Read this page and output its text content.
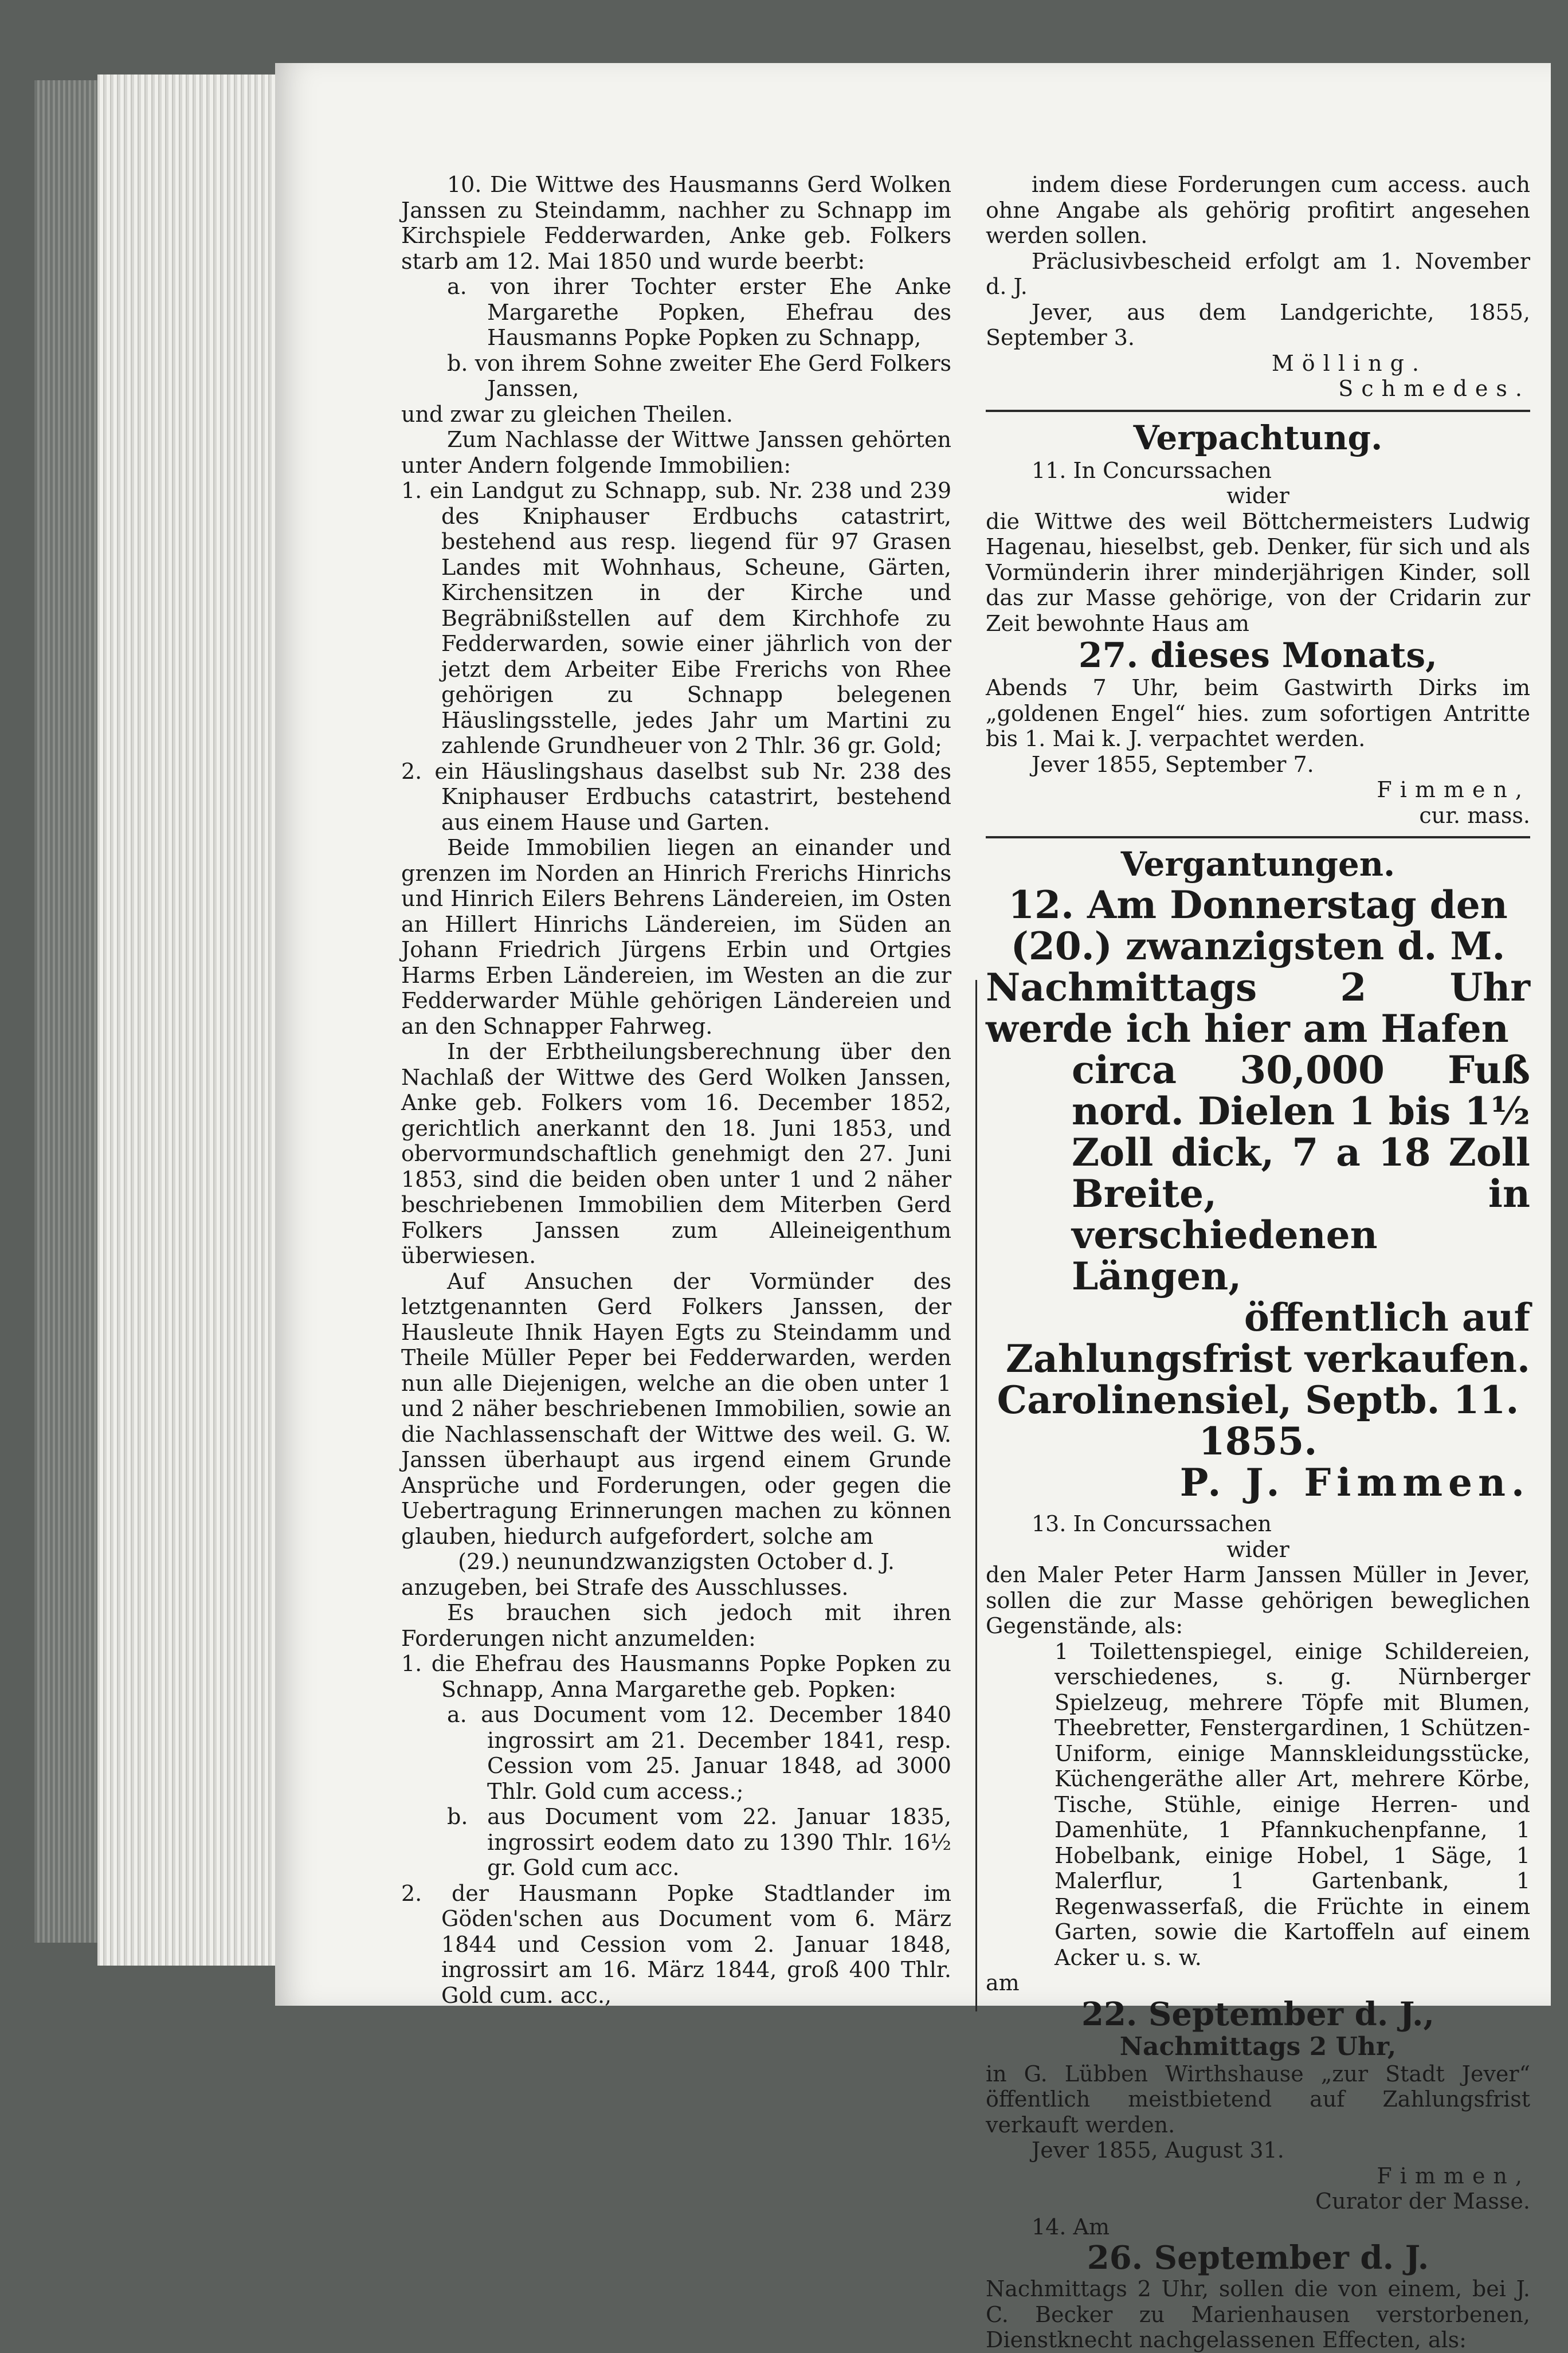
10. Die Wittwe des Hausmanns Gerd Wolken Janssen zu Steindamm, nachher zu Schnapp im Kirchspiele Fedderwarden, Anke geb. Folkers starb am 12. Mai 1850 und wurde beerbt:

a. von ihrer Tochter erster Ehe Anke Margarethe Popken, Ehefrau des Hausmanns Popke Popken zu Schnapp,

b. von ihrem Sohne zweiter Ehe Gerd Folkers Janssen,

und zwar zu gleichen Theilen.

Zum Nachlasse der Wittwe Janssen gehörten unter Andern folgende Immobilien:

1. ein Landgut zu Schnapp, sub. Nr. 238 und 239 des Kniphauser Erdbuchs catastrirt, bestehend aus resp. liegend für 97 Grasen Landes mit Wohnhaus, Scheune, Gärten, Kirchensitzen in der Kirche und Begräbnißstellen auf dem Kirchhofe zu Fedderwarden, sowie einer jährlich von der jetzt dem Arbeiter Eibe Frerichs von Rhee gehörigen zu Schnapp belegenen Häuslingsstelle, jedes Jahr um Martini zu zahlende Grundheuer von 2 Thlr. 36 gr. Gold;

2. ein Häuslingshaus daselbst sub Nr. 238 des Kniphauser Erdbuchs catastrirt, bestehend aus einem Hause und Garten.

Beide Immobilien liegen an einander und grenzen im Norden an Hinrich Frerichs Hinrichs und Hinrich Eilers Behrens Ländereien, im Osten an Hillert Hinrichs Ländereien, im Süden an Johann Friedrich Jürgens Erbin und Ortgies Harms Erben Ländereien, im Westen an die zur Fedderwarder Mühle gehörigen Ländereien und an den Schnapper Fahrweg.

In der Erbtheilungsberechnung über den Nachlaß der Wittwe des Gerd Wolken Janssen, Anke geb. Folkers vom 16. December 1852, gerichtlich anerkannt den 18. Juni 1853, und obervormundschaftlich genehmigt den 27. Juni 1853, sind die beiden oben unter 1 und 2 näher beschriebenen Immobilien dem Miterben Gerd Folkers Janssen zum Alleineigenthum überwiesen.

Auf Ansuchen der Vormünder des letztgenannten Gerd Folkers Janssen, der Hausleute Ihnik Hayen Egts zu Steindamm und Theile Müller Peper bei Fedderwarden, werden nun alle Diejenigen, welche an die oben unter 1 und 2 näher beschriebenen Immobilien, sowie an die Nachlassenschaft der Wittwe des weil. G. W. Janssen überhaupt aus irgend einem Grunde Ansprüche und Forderungen, oder gegen die Uebertragung Erinnerungen machen zu können glauben, hiedurch aufgefordert, solche am

(29.) neunundzwanzigsten October d. J.

anzugeben, bei Strafe des Ausschlusses.

Es brauchen sich jedoch mit ihren Forderungen nicht anzumelden:

1. die Ehefrau des Hausmanns Popke Popken zu Schnapp, Anna Margarethe geb. Popken:

a. aus Document vom 12. December 1840 ingrossirt am 21. December 1841, resp. Cession vom 25. Januar 1848, ad 3000 Thlr. Gold cum access.;

b. aus Document vom 22. Januar 1835, ingrossirt eodem dato zu 1390 Thlr. 16½ gr. Gold cum acc.

2. der Hausmann Popke Stadtlander im Göden'schen aus Document vom 6. März 1844 und Cession vom 2. Januar 1848, ingrossirt am 16. März 1844, groß 400 Thlr. Gold cum. acc.,

indem diese Forderungen cum access. auch ohne Angabe als gehörig profitirt angesehen werden sollen.

Präclusivbescheid erfolgt am 1. November d. J.

Jever, aus dem Landgerichte, 1855, September 3.

Mölling.

Schmedes.

Verpachtung.

11. In Concurssachen

wider

die Wittwe des weil Böttchermeisters Ludwig Hagenau, hieselbst, geb. Denker, für sich und als Vormünderin ihrer minderjährigen Kinder, soll das zur Masse gehörige, von der Cridarin zur Zeit bewohnte Haus am

27. dieses Monats,

Abends 7 Uhr, beim Gastwirth Dirks im „goldenen Engel“ hies. zum sofortigen Antritte bis 1. Mai k. J. verpachtet werden.

Jever 1855, September 7.

Fimmen,

cur. mass.

Vergantungen.
12. Am Donnerstag den
(20.) zwanzigsten d. M.
Nachmittags 2 Uhr werde ich hier am Hafen
circa 30,000 Fuß nord. Dielen 1 bis 1½ Zoll dick, 7 a 18 Zoll Breite, in verschiedenen Längen,
öffentlich auf Zahlungsfrist verkaufen.
Carolinensiel, Septb. 11. 1855.
P. J. Fimmen.

13. In Concurssachen

wider

den Maler Peter Harm Janssen Müller in Jever, sollen die zur Masse gehörigen beweglichen Gegenstände, als:

1 Toilettenspiegel, einige Schildereien, verschiedenes, s. g. Nürnberger Spielzeug, mehrere Töpfe mit Blumen, Theebretter, Fenstergardinen, 1 Schützen-Uniform, einige Mannskleidungsstücke, Küchengeräthe aller Art, mehrere Körbe, Tische, Stühle, einige Herren- und Damenhüte, 1 Pfannkuchenpfanne, 1 Hobelbank, einige Hobel, 1 Säge, 1 Malerflur, 1 Gartenbank, 1 Regenwasserfaß, die Früchte in einem Garten, sowie die Kartoffeln auf einem Acker u. s. w.

am

22. September d. J.,
Nachmittags 2 Uhr,

in G. Lübben Wirthshause „zur Stadt Jever“ öffentlich meistbietend auf Zahlungsfrist verkauft werden.

Jever 1855, August 31.

Fimmen,

Curator der Masse.

14. Am

26. September d. J.

Nachmittags 2 Uhr, sollen die von einem, bei J. C. Becker zu Marienhausen verstorbenen, Dienstknecht nachgelassenen Effecten, als:
